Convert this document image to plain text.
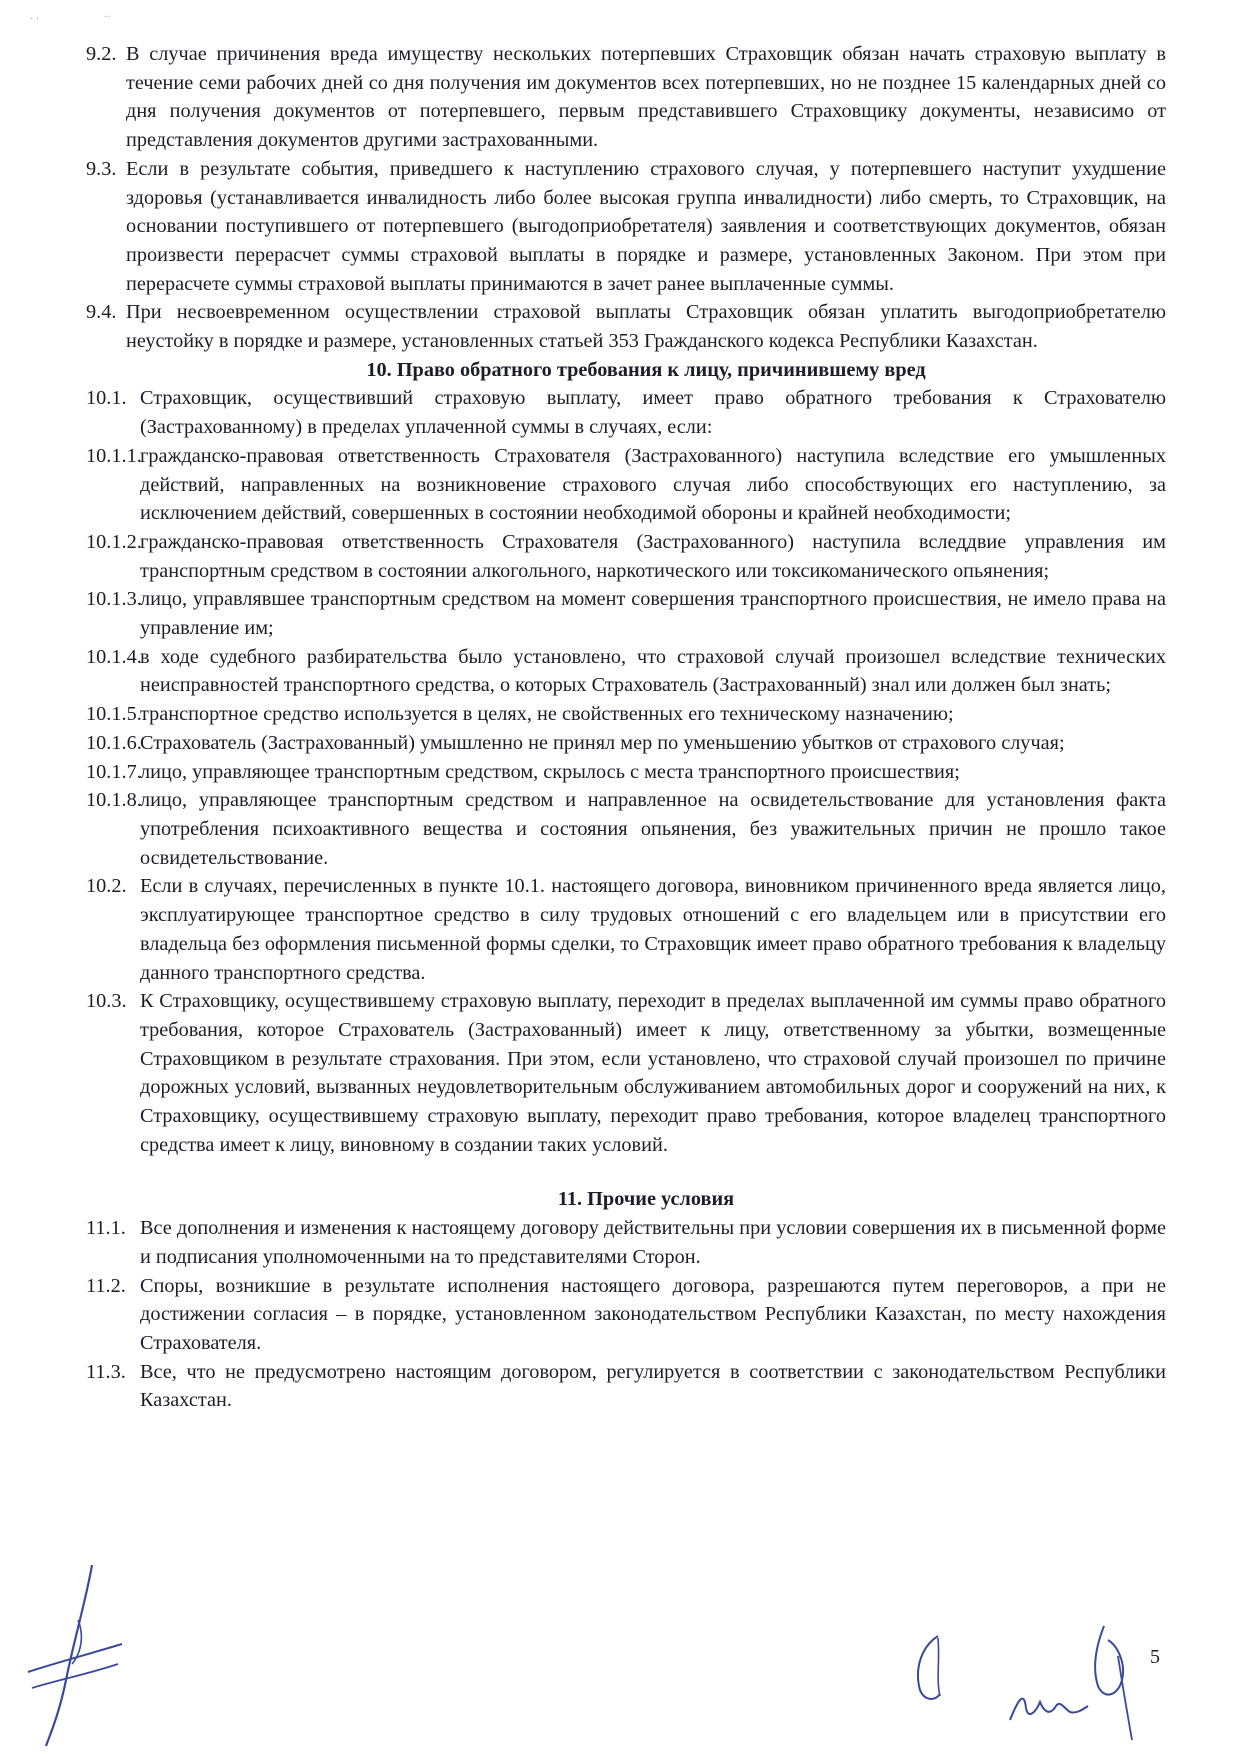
· ·	··
9.2. В случае причинения вреда имуществу нескольких потерпевших Страховщик обязан начать страховую выплату в течение семи рабочих дней со дня получения им документов всех потерпевших, но не позднее 15 календарных дней со дня получения документов от потерпевшего, первым представившего Страховщику документы, независимо от представления документов другими застрахованными.
9.3. Если в результате события, приведшего к наступлению страхового случая, у потерпевшего наступит ухудшение здоровья (устанавливается инвалидность либо более высокая группа инвалидности) либо смерть, то Страховщик, на основании поступившего от потерпевшего (выгодоприобретателя) заявления и соответствующих документов, обязан произвести перерасчет суммы страховой выплаты в порядке и размере, установленных Законом. При этом при перерасчете суммы страховой выплаты принимаются в зачет ранее выплаченные суммы.
9.4. При несвоевременном осуществлении страховой выплаты Страховщик обязан уплатить выгодоприобретателю неустойку в порядке и размере, установленных статьей 353 Гражданского кодекса Республики Казахстан.
10. Право обратного требования к лицу, причинившему вред
10.1. Страховщик, осуществивший страховую выплату, имеет право обратного требования к Страхователю (Застрахованному) в пределах уплаченной суммы в случаях, если:
10.1.1.
гражданско-правовая ответственность Страхователя (Застрахованного) наступила вследствие его умышленных действий, направленных на возникновение страхового случая либо способствующих его наступлению, за исключением действий, совершенных в состоянии необходимой обороны и крайней необходимости;
10.1.2.
гражданско-правовая ответственность Страхователя (Застрахованного) наступила вследдвие управления им транспортным средством в состоянии алкогольного, наркотического или токсикоманического опьянения;
10.1.3.
лицо, управлявшее транспортным средством на момент совершения транспортного происшествия, не имело права на управление им;
10.1.4.
в ходе судебного разбирательства было установлено, что страховой случай произошел вследствие технических неисправностей транспортного средства, о которых Страхователь (Застрахованный) знал или должен был знать;
10.1.5.
транспортное средство используется в целях, не свойственных его техническому назначению;
10.1.6.
Страхователь (Застрахованный) умышленно не принял мер по уменьшению убытков от страхового случая;
10.1.7.
лицо, управляющее транспортным средством, скрылось с места транспортного происшествия;
10.1.8.
лицо, управляющее транспортным средством и направленное на освидетельствование для установления факта употребления психоактивного вещества и состояния опьянения, без уважительных причин не прошло такое освидетельствование.
10.2. Если в случаях, перечисленных в пункте 10.1. настоящего договора, виновником причиненного вреда является лицо, эксплуатирующее транспортное средство в силу трудовых отношений с его владельцем или в присутствии его владельца без оформления письменной формы сделки, то Страховщик имеет право обратного требования к владельцу данного транспортного средства.
10.3. К Страховщику, осуществившему страховую выплату, переходит в пределах выплаченной им суммы право обратного требования, которое Страхователь (Застрахованный) имеет к лицу, ответственному за убытки, возмещенные Страховщиком в результате страхования. При этом, если установлено, что страховой случай произошел по причине дорожных условий, вызванных неудовлетворительным обслуживанием автомобильных дорог и сооружений на них, к Страховщику, осуществившему страховую выплату, переходит право требования, которое владелец транспортного средства имеет к лицу, виновному в создании таких условий.
11. Прочие условия
11.1. Все дополнения и изменения к настоящему договору действительны при условии совершения их в письменной форме и подписания уполномоченными на то представителями Сторон.
11.2. Споры, возникшие в результате исполнения настоящего договора, разрешаются путем переговоров, а при не достижении согласия – в порядке, установленном законодательством Республики Казахстан, по месту нахождения Страхователя.
11.3. Все, что не предусмотрено настоящим договором, регулируется в соответствии с законодательством Республики Казахстан.
5
